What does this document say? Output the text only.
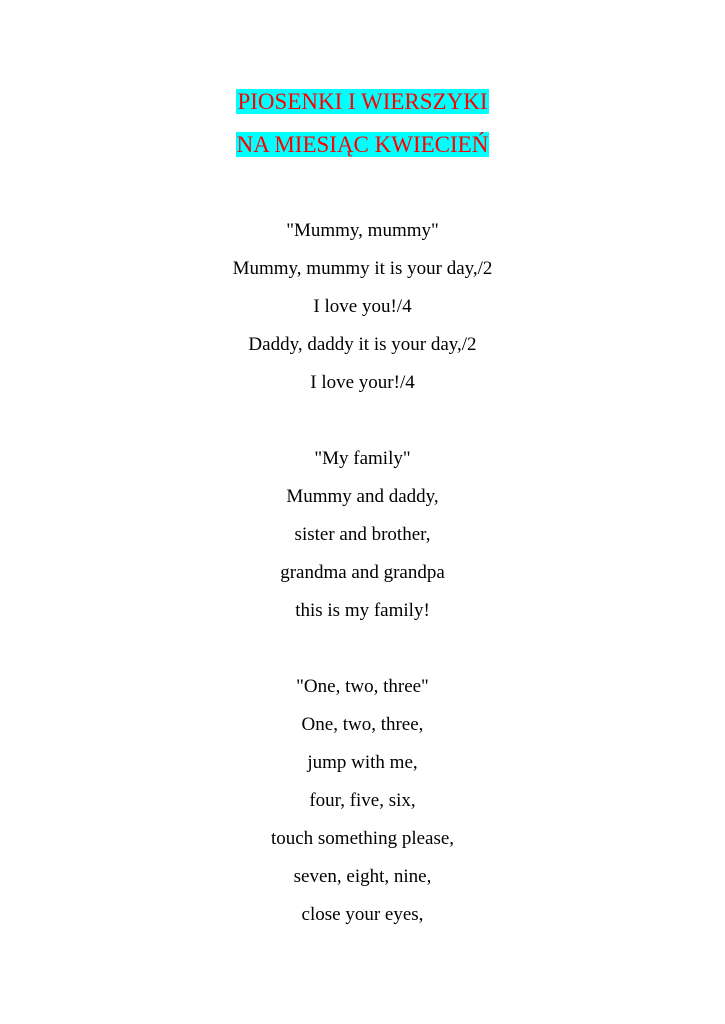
PIOSENKI I WIERSZYKI
NA MIESIĄC KWIECIEŃ
"Mummy, mummy"
Mummy, mummy it is your day,/2
I love you!/4
Daddy, daddy it is your day,/2
I love your!/4
"My family"
Mummy and daddy,
sister and brother,
grandma and grandpa
this is my family!
"One, two, three"
One, two, three,
jump with me,
four, five, six,
touch something please,
seven, eight, nine,
close your eyes,
